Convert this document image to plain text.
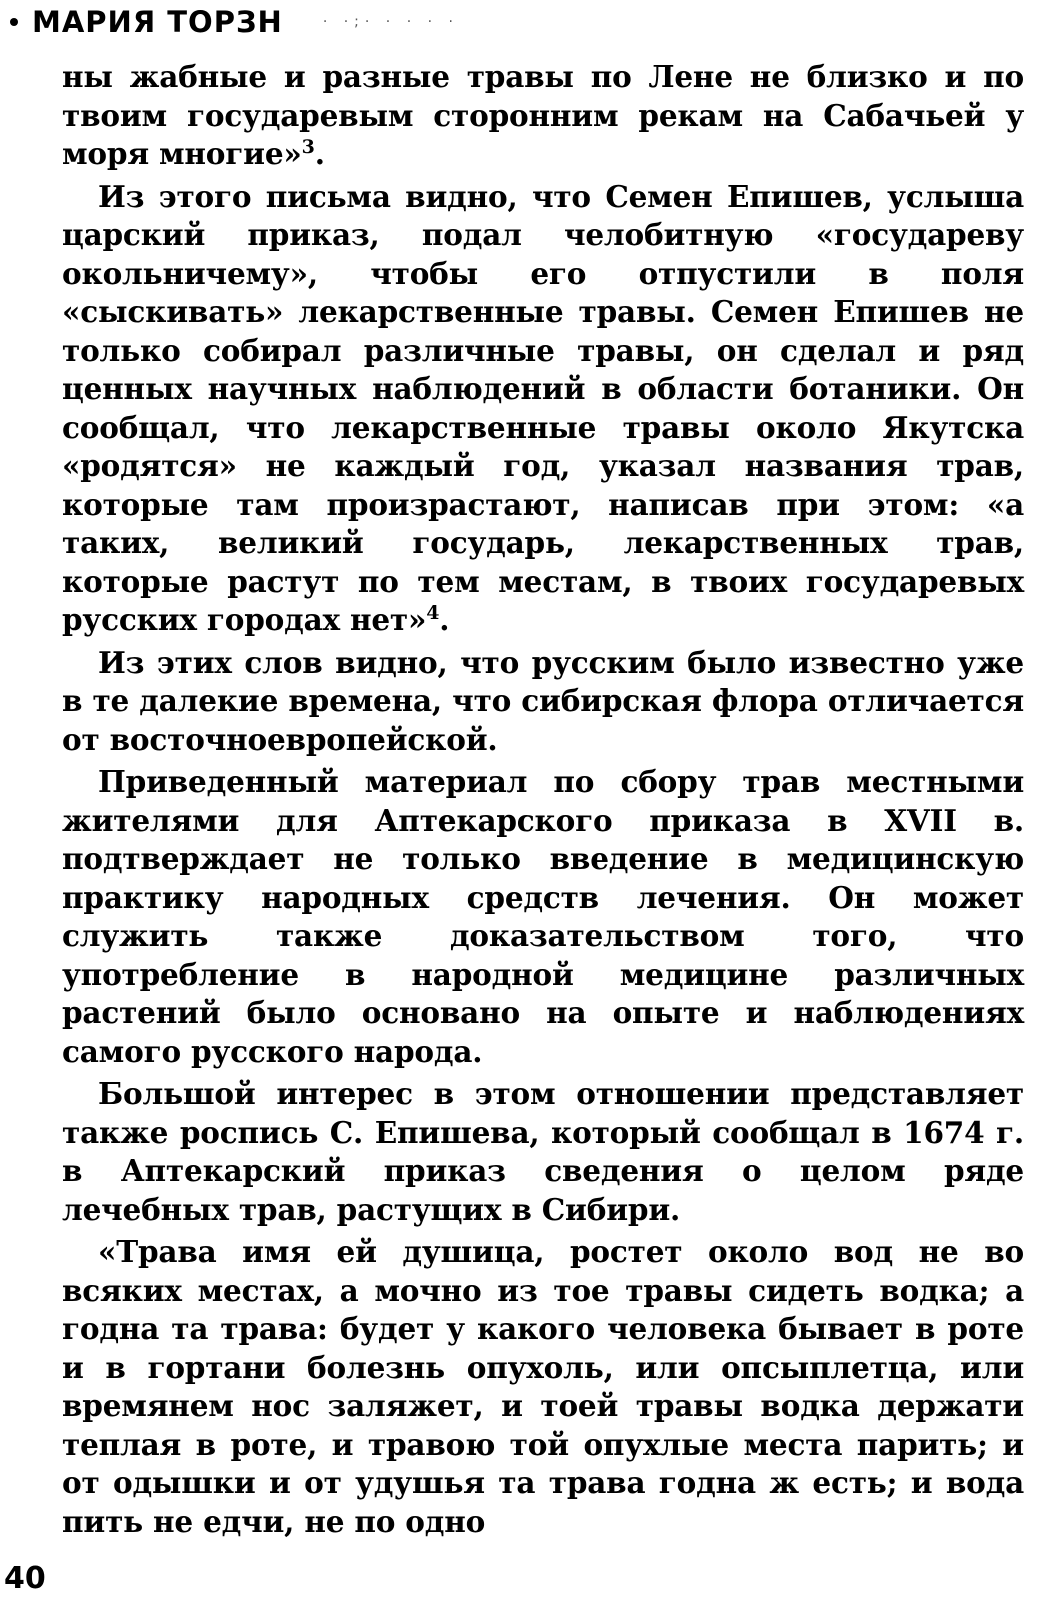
МАРИЯ ТОРЗН	· ·;· · · · ·

ны жабные и разные травы по Лене не близко и по твоим государевым сторонним рекам на Сабачьей у моря многие»$^3$.

Из этого письма видно, что Семен Епишев, услыша царский приказ, подал челобитную «государеву окольничему», чтобы его отпустили в поля «сыскивать» лекарственные травы. Семен Епишев не только собирал различные травы, он сделал и ряд ценных научных наблюдений в области ботаники. Он сообщал, что лекарственные травы около Якутска «родятся» не каждый год, указал названия трав, которые там произрастают, написав при этом: «а таких, великий государь, лекарственных трав, которые растут по тем местам, в твоих государевых русских городах нет»$^4$.

Из этих слов видно, что русским было известно уже в те далекие времена, что сибирская флора отличается от восточноевропейской.

Приведенный материал по сбору трав местными жителями для Аптекарского приказа в XVII в. подтверждает не только введение в медицинскую практику народных средств лечения. Он может служить также доказательством того, что употребление в народной медицине различных растений было основано на опыте и наблюдениях самого русского народа.

Большой интерес в этом отношении представляет также роспись С. Епишева, который сообщал в 1674 г. в Аптекарский приказ сведения о целом ряде лечебных трав, растущих в Сибири.

«Трава имя ей душица, ростет около вод не во всяких местах, а мочно из тое травы сидеть водка; а годна та трава: будет у какого человека бывает в роте и в гортани болезнь опухоль, или опсыплетца, или времянем нос заляжет, и тоей травы водка держати теплая в роте, и травою той опухлые места парить; и от одышки и от удушья та трава годна ж есть; и вода пить не едчи, не по одно

40
